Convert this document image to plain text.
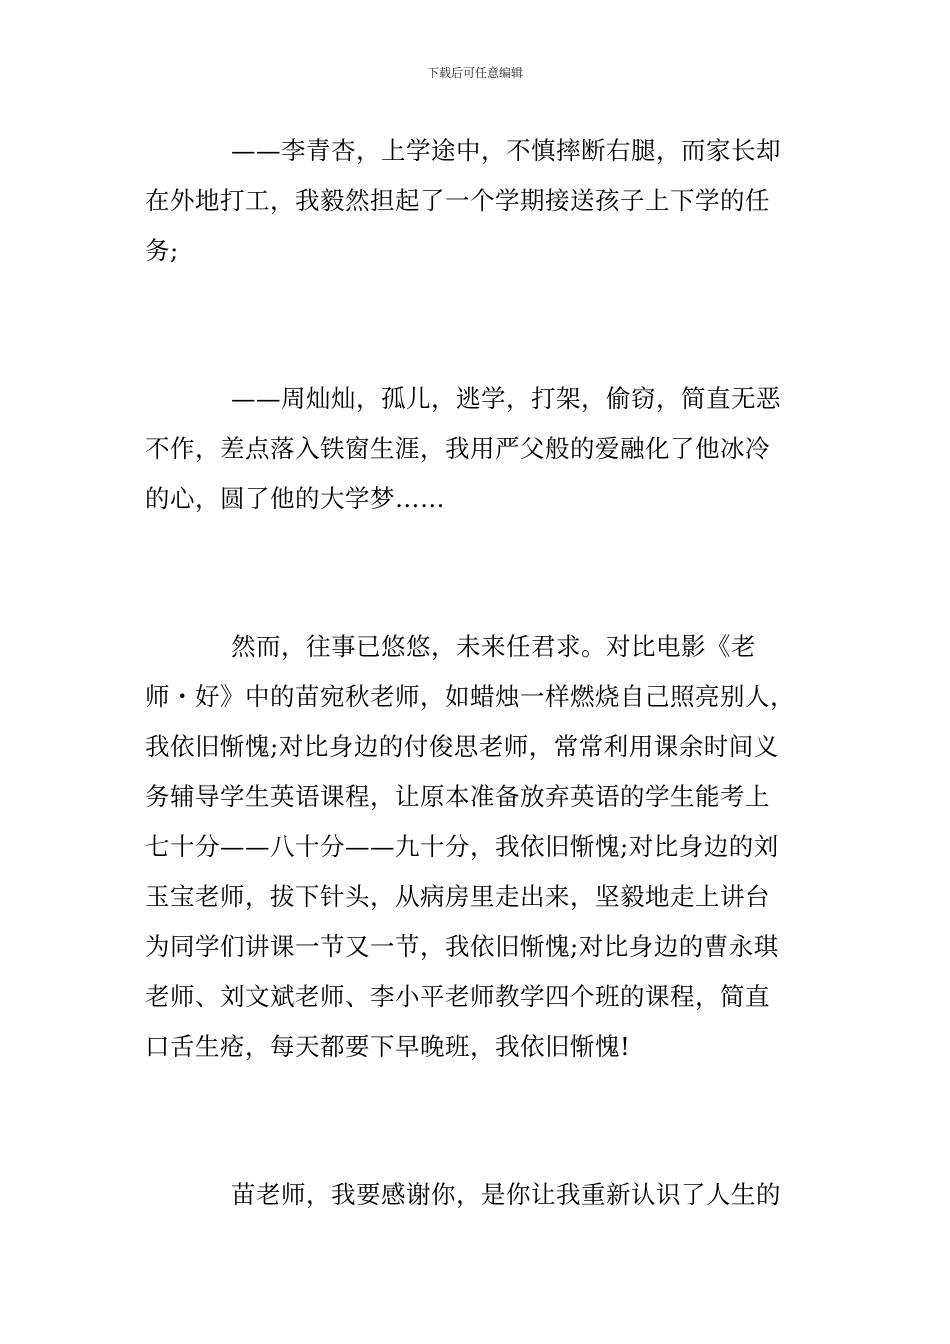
下载后可任意编辑
——李青杏，上学途中，不慎摔断右腿，而家长却
在外地打工，我毅然担起了一个学期接送孩子上下学的任
务;
——周灿灿，孤儿，逃学，打架，偷窃，简直无恶
不作，差点落入铁窗生涯，我用严父般的爱融化了他冰冷
的心，圆了他的大学梦……
然而，往事已悠悠，未来任君求。对比电影《老
师・好》中的苗宛秋老师，如蜡烛一样燃烧自己照亮别人，
我依旧惭愧;对比身边的付俊思老师，常常利用课余时间义
务辅导学生英语课程，让原本准备放弃英语的学生能考上
七十分——八十分——九十分，我依旧惭愧;对比身边的刘
玉宝老师，拔下针头，从病房里走出来，坚毅地走上讲台
为同学们讲课一节又一节，我依旧惭愧;对比身边的曹永琪
老师、刘文斌老师、李小平老师教学四个班的课程，简直
口舌生疮，每天都要下早晚班，我依旧惭愧!
苗老师，我要感谢你，是你让我重新认识了人生的
